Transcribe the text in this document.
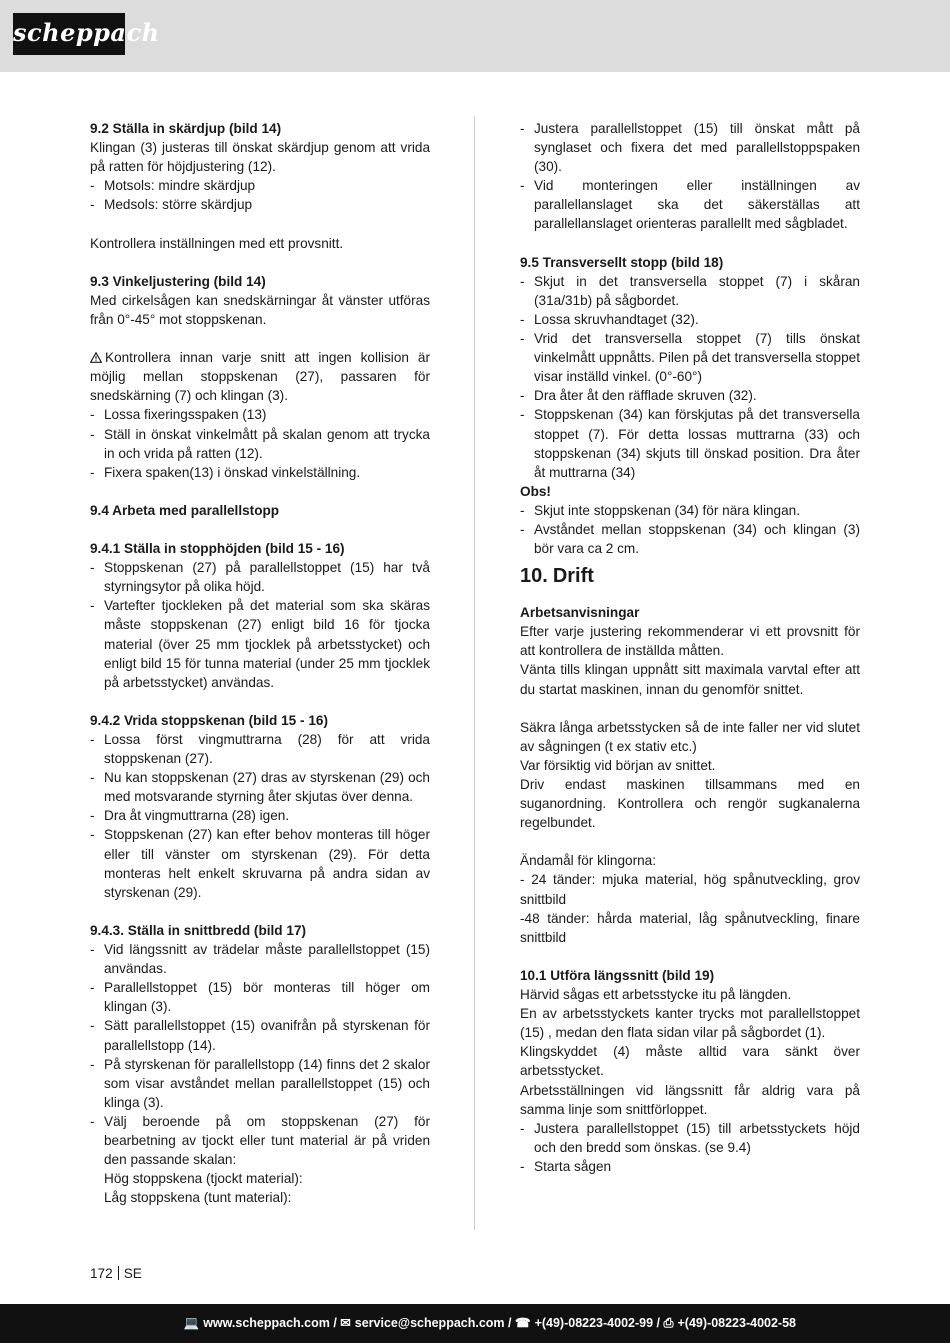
scheppach

9.2 Ställa in skärdjup (bild 14)

Klingan (3) justeras till önskat skärdjup genom att vrida på ratten för höjdjustering (12).

- Motsols: mindre skärdjup
- Medsols: större skärdjup

Kontrollera inställningen med ett provsnitt.

9.3 Vinkeljustering (bild 14)

Med cirkelsågen kan snedskärningar åt vänster utföras från 0°-45° mot stoppskenan.

Kontrollera innan varje snitt att ingen kollision är möjlig mellan stoppskenan (27), passaren för snedskärning (7) och klingan (3).

- Lossa fixeringsspaken (13)
- Ställ in önskat vinkelmått på skalan genom att trycka in och vrida på ratten (12).
- Fixera spaken(13) i önskad vinkelställning.

9.4 Arbeta med parallellstopp

9.4.1 Ställa in stopphöjden (bild 15 - 16)

- Stoppskenan (27) på parallellstoppet (15) har två styrningsytor på olika höjd.
- Vartefter tjockleken på det material som ska skäras måste stoppskenan (27) enligt bild 16 för tjocka material (över 25 mm tjocklek på arbetsstycket) och enligt bild 15 för tunna material (under 25 mm tjocklek på arbetsstycket) användas.

9.4.2 Vrida stoppskenan (bild 15 - 16)

- Lossa först vingmuttrarna (28) för att vrida stoppskenan (27).
- Nu kan stoppskenan (27) dras av styrskenan (29) och med motsvarande styrning åter skjutas över denna.
- Dra åt vingmuttrarna (28) igen.
- Stoppskenan (27) kan efter behov monteras till höger eller till vänster om styrskenan (29). För detta monteras helt enkelt skruvarna på andra sidan av styrskenan (29).

9.4.3. Ställa in snittbredd (bild 17)

- Vid längssnitt av trädelar måste parallellstoppet (15) användas.
- Parallellstoppet (15) bör monteras till höger om klingan (3).
- Sätt parallellstoppet (15) ovanifrån på styrskenan för parallellstopp (14).
- På styrskenan för parallellstopp (14) finns det 2 skalor som visar avståndet mellan parallellstoppet (15) och klinga (3).
- Välj beroende på om stoppskenan (27) för bearbetning av tjockt eller tunt material är på vriden den passande skalan:

Hög stoppskena (tjockt material):

Låg stoppskena (tunt material):

- Justera parallellstoppet (15) till önskat mått på synglaset och fixera det med parallellstoppspaken (30).
- Vid monteringen eller inställningen av parallellanslaget ska det säkerställas att parallellanslaget orienteras parallellt med sågbladet.

9.5 Transversellt stopp (bild 18)

- Skjut in det transversella stoppet (7) i skåran (31a/31b) på sågbordet.
- Lossa skruvhandtaget (32).
- Vrid det transversella stoppet (7) tills önskat vinkelmått uppnåtts. Pilen på det transversella stoppet visar inställd vinkel. (0°-60°)
- Dra åter åt den räfflade skruven (32).
- Stoppskenan (34) kan förskjutas på det transversella stoppet (7). För detta lossas muttrarna (33) och stoppskenan (34) skjuts till önskad position. Dra åter åt muttrarna (34)

Obs!

- Skjut inte stoppskenan (34) för nära klingan.
- Avståndet mellan stoppskenan (34) och klingan (3) bör vara ca 2 cm.
10. Drift

Arbetsanvisningar

Efter varje justering rekommenderar vi ett provsnitt för att kontrollera de inställda måtten.

Vänta tills klingan uppnått sitt maximala varvtal efter att du startat maskinen, innan du genomför snittet.

Säkra långa arbetsstycken så de inte faller ner vid slutet av sågningen (t ex stativ etc.)

Var försiktig vid början av snittet.

Driv endast maskinen tillsammans med en suganordning. Kontrollera och rengör sugkanalerna regelbundet.

Ändamål för klingorna:

- 24 tänder: mjuka material, hög spånutveckling, grov snittbild

-48 tänder: hårda material, låg spånutveckling, finare snittbild

10.1 Utföra längssnitt (bild 19)

Härvid sågas ett arbetsstycke itu på längden.

En av arbetsstyckets kanter trycks mot parallellstoppet (15) , medan den flata sidan vilar på sågbordet (1).

Klingskyddet (4) måste alltid vara sänkt över arbetsstycket.

Arbetsställningen vid längssnitt får aldrig vara på samma linje som snittförloppet.

- Justera parallellstoppet (15) till arbetsstyckets höjd och den bredd som önskas. (se 9.4)
- Starta sågen
172 SE
💻 www.scheppach.com / ✉ service@scheppach.com / ☎ +(49)-08223-4002-99 / ⎙ +(49)-08223-4002-58
